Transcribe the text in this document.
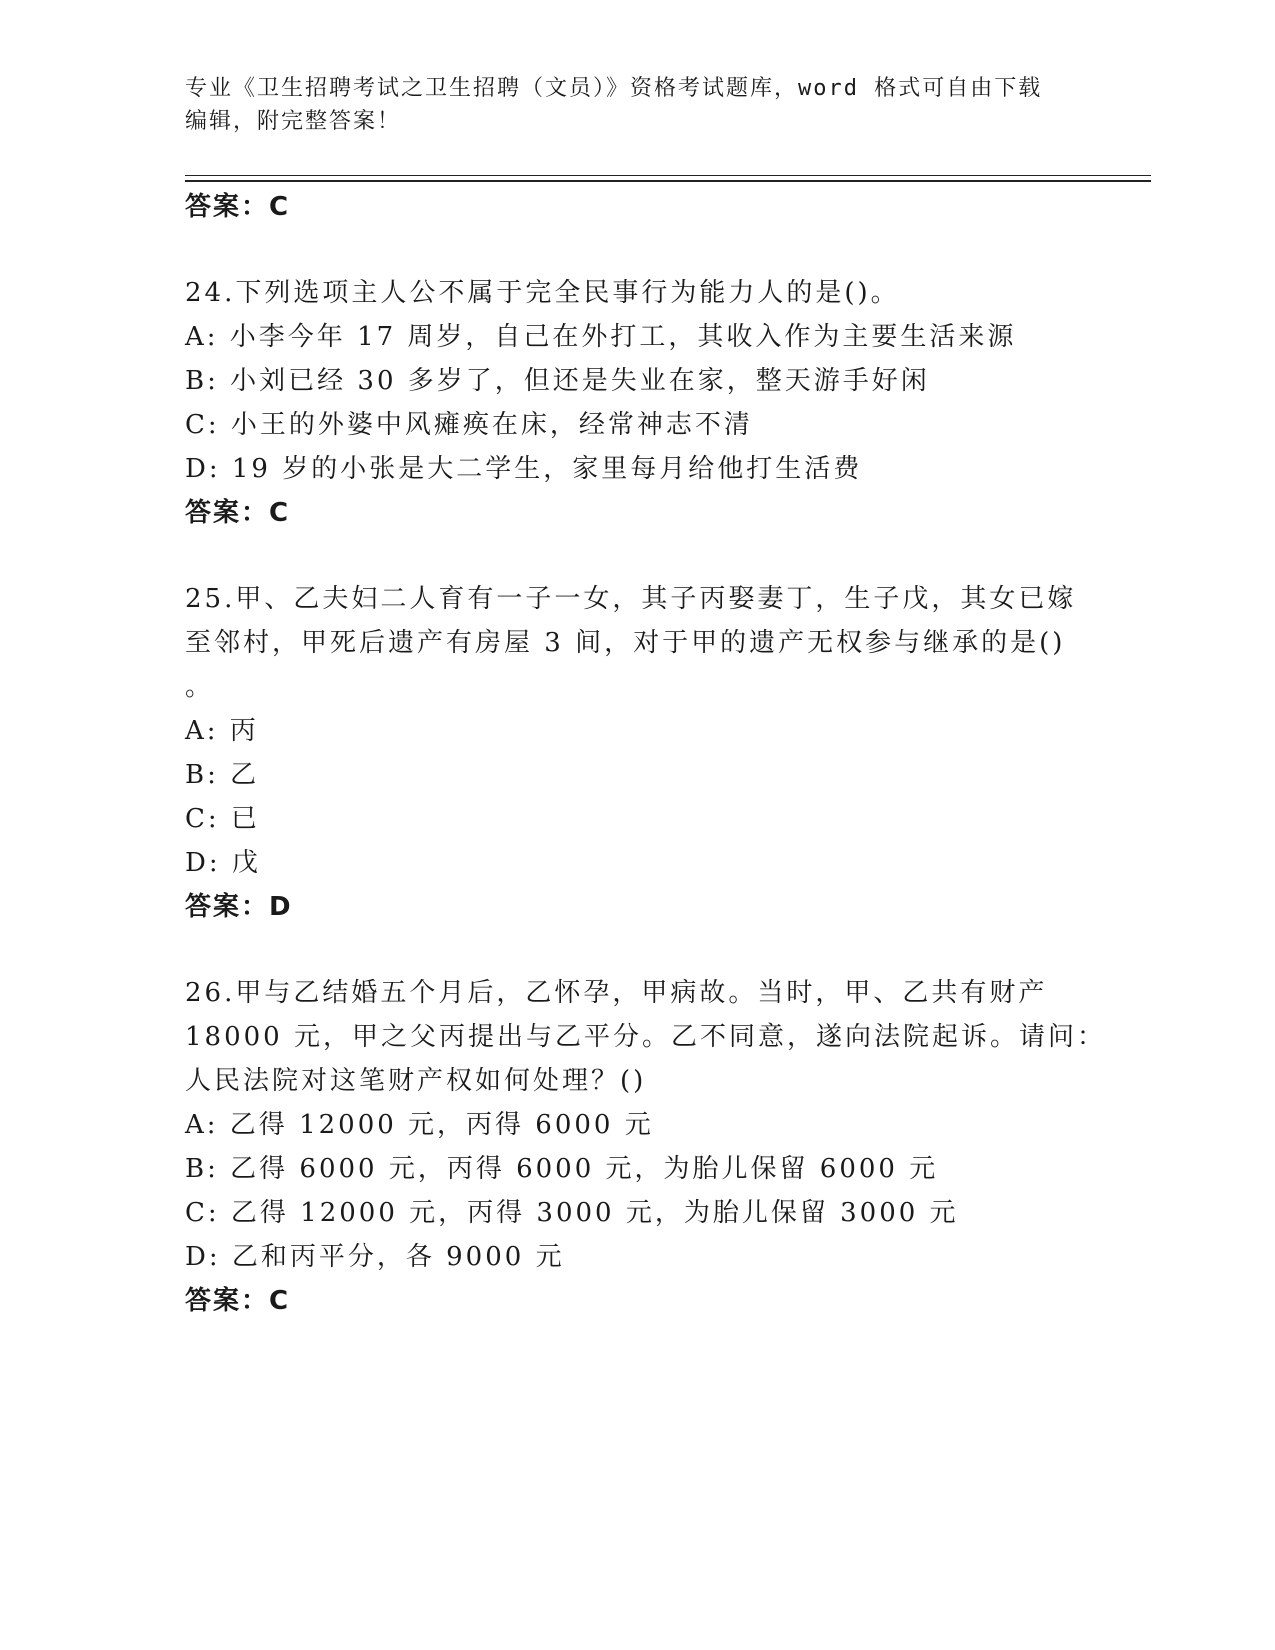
专业《卫生招聘考试之卫生招聘（文员）》资格考试题库，word 格式可自由下载
编辑，附完整答案！
答案：C
24.下列选项主人公不属于完全民事行为能力人的是()。
A: 小李今年 17 周岁，自己在外打工，其收入作为主要生活来源
B: 小刘已经 30 多岁了，但还是失业在家，整天游手好闲
C: 小王的外婆中风瘫痪在床，经常神志不清
D: 19 岁的小张是大二学生，家里每月给他打生活费
答案：C
25.甲、乙夫妇二人育有一子一女，其子丙娶妻丁，生子戊，其女已嫁
至邻村，甲死后遗产有房屋 3 间，对于甲的遗产无权参与继承的是()
。
A: 丙
B: 乙
C: 已
D: 戊
答案：D
26.甲与乙结婚五个月后，乙怀孕，甲病故。当时，甲、乙共有财产
18000 元，甲之父丙提出与乙平分。乙不同意，遂向法院起诉。请问：
人民法院对这笔财产权如何处理？()
A: 乙得 12000 元，丙得 6000 元
B: 乙得 6000 元，丙得 6000 元，为胎儿保留 6000 元
C: 乙得 12000 元，丙得 3000 元，为胎儿保留 3000 元
D: 乙和丙平分，各 9000 元
答案：C
